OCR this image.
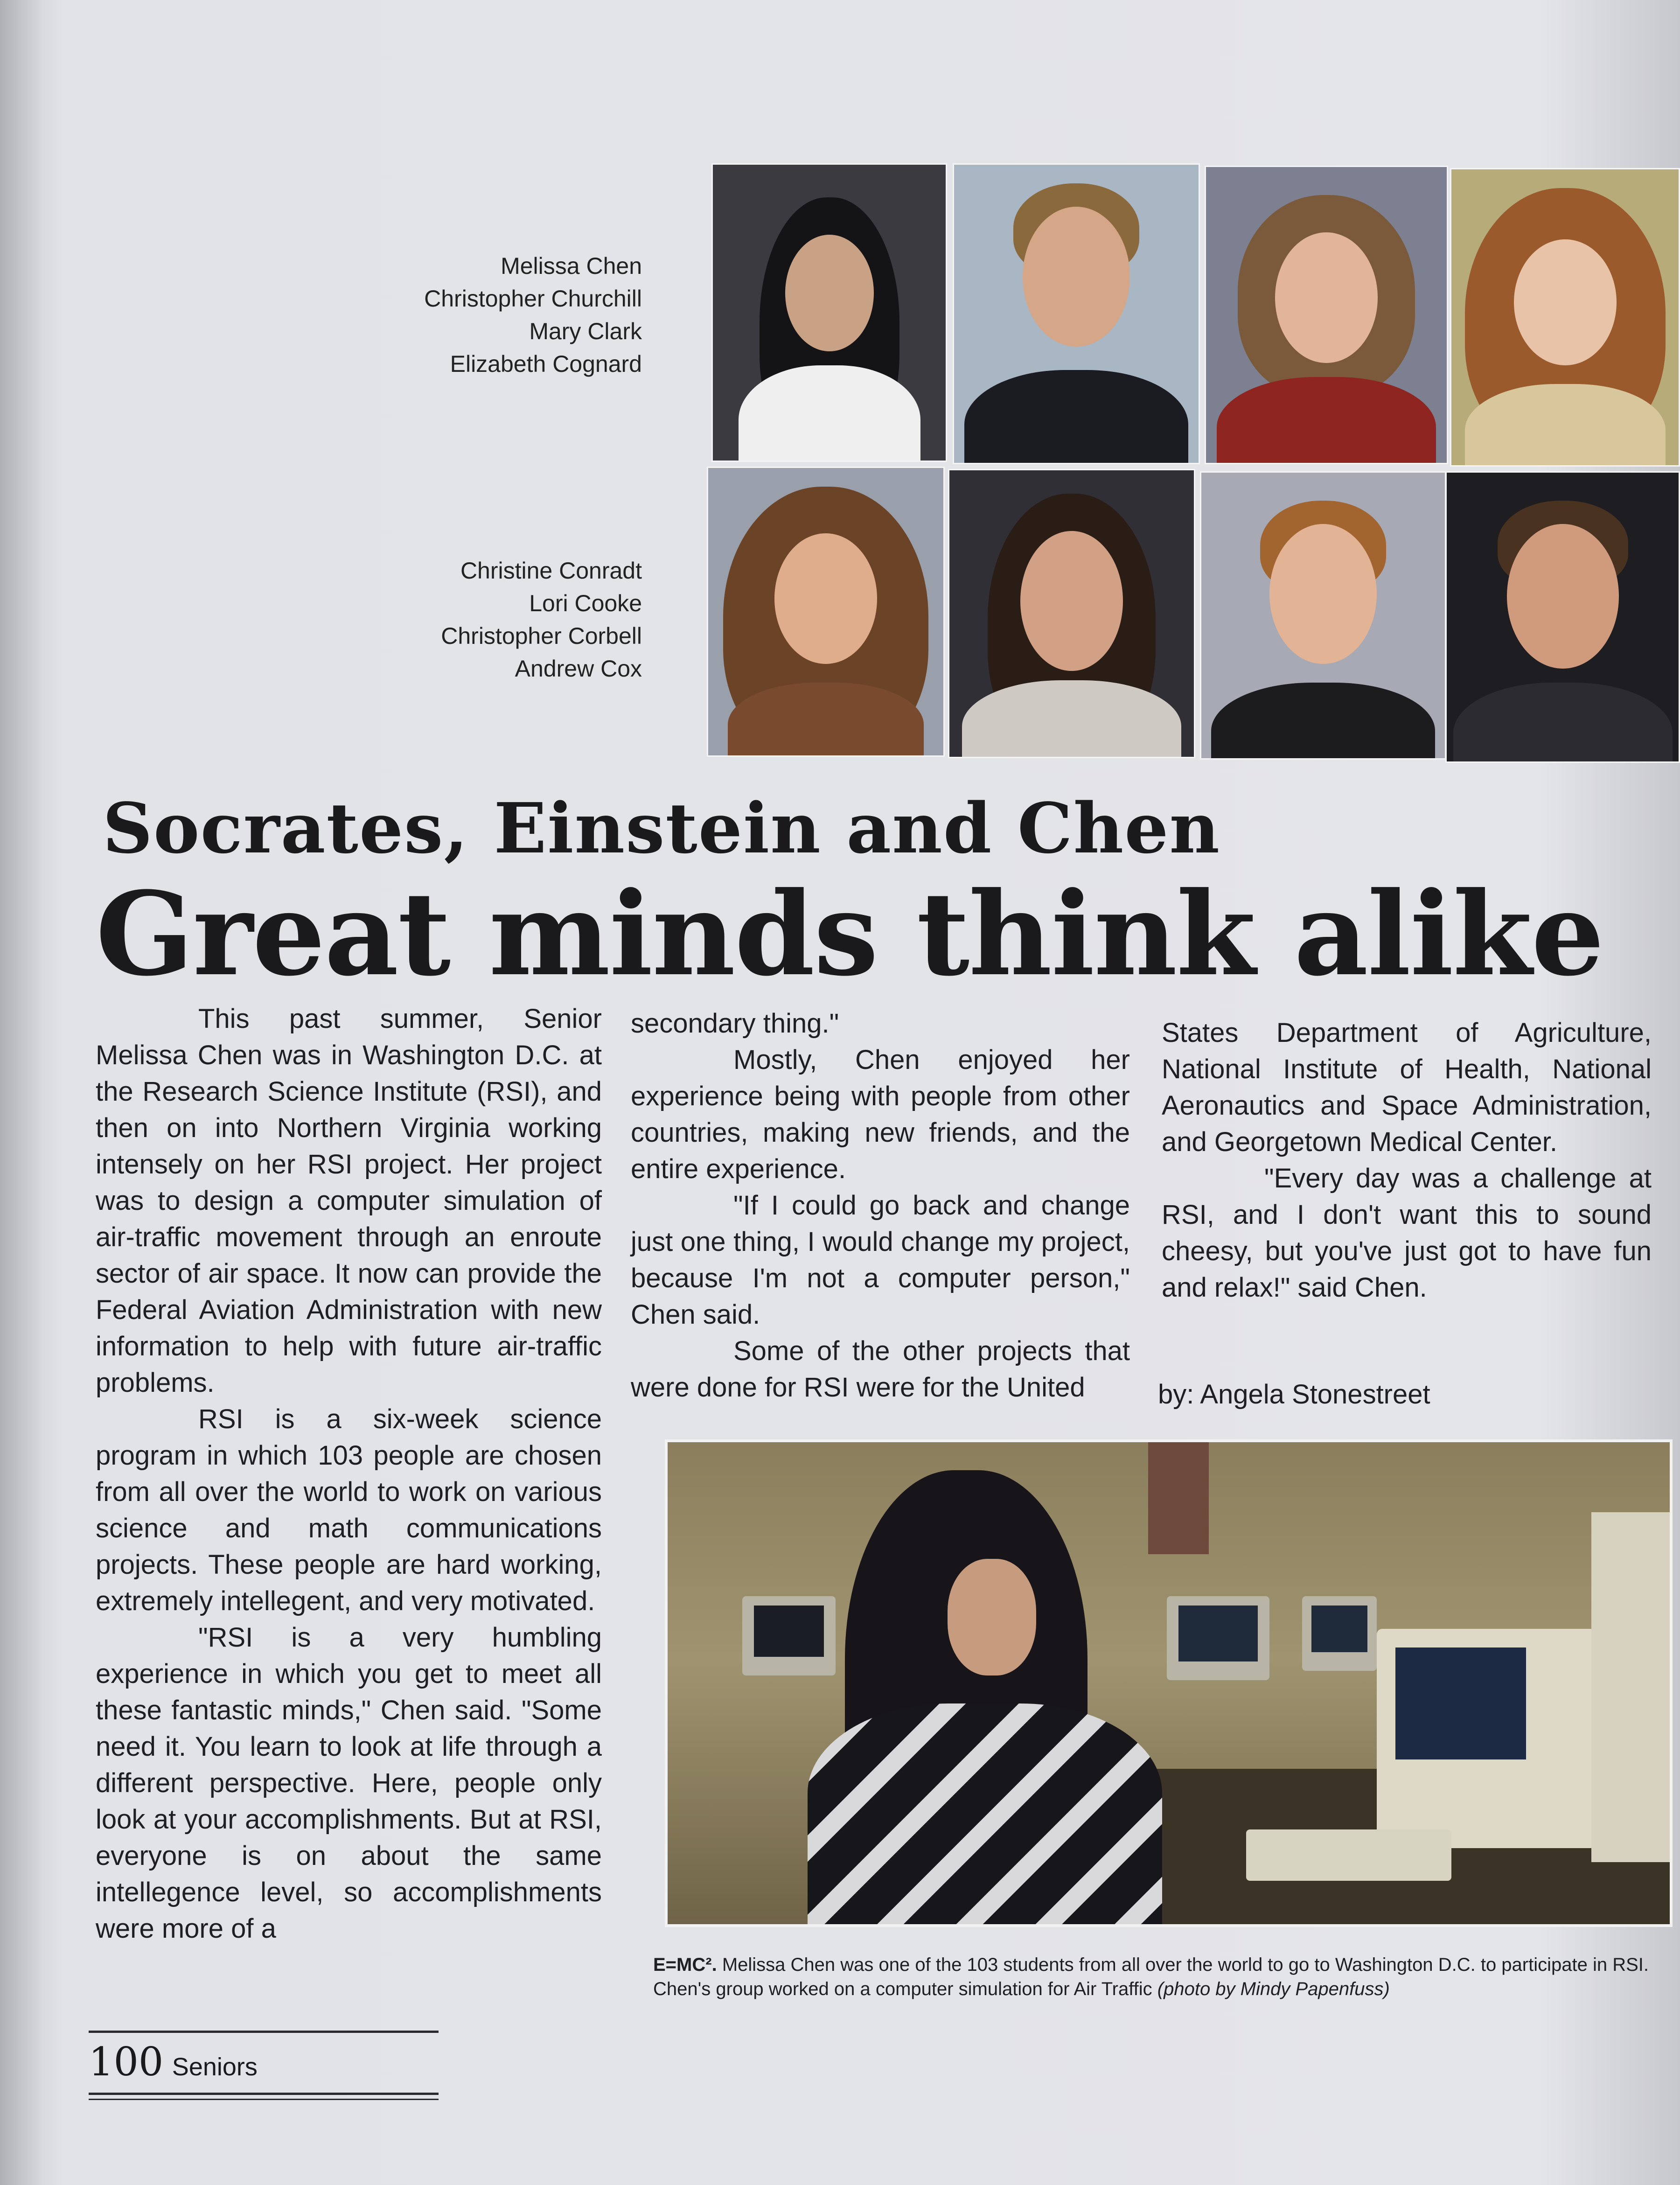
Melissa Chen
Christopher Churchill
Mary Clark
Elizabeth Cognard
Christine Conradt
Lori Cooke
Christopher Corbell
Andrew Cox
Socrates, Einstein and Chen
Great minds think alike

This past summer, Senior Melissa Chen was in Washington D.C. at the Research Science Institute (RSI), and then on into Northern Virginia working intensely on her RSI project. Her project was to design a computer simulation of air-traffic movement through an enroute sector of air space. It now can provide the Federal Aviation Administration with new information to help with future air-traffic problems.

RSI is a six-week science program in which 103 people are chosen from all over the world to work on various science and math communications projects. These people are hard working, extremely intellegent, and very motivated.

"RSI is a very humbling experience in which you get to meet all these fantastic minds," Chen said. "Some need it. You learn to look at life through a different perspective. Here, people only look at your accomplishments. But at RSI, everyone is on about the same intellegence level, so accomplishments were more of a

secondary thing."

Mostly, Chen enjoyed her experience being with people from other countries, making new friends, and the entire experience.

"If I could go back and change just one thing, I would change my project, because I'm not a computer person," Chen said.

Some of the other projects that were done for RSI were for the United

States Department of Agriculture, National Institute of Health, National Aeronautics and Space Administration, and Georgetown Medical Center.

"Every day was a challenge at RSI, and I don't want this to sound cheesy, but you've just got to have fun and relax!" said Chen.

by: Angela Stonestreet
E=MC². Melissa Chen was one of the 103 students from all over the world to go to Washington D.C. to participate in RSI. Chen's group worked on a computer simulation for Air Traffic (photo by Mindy Papenfuss)
100 Seniors
